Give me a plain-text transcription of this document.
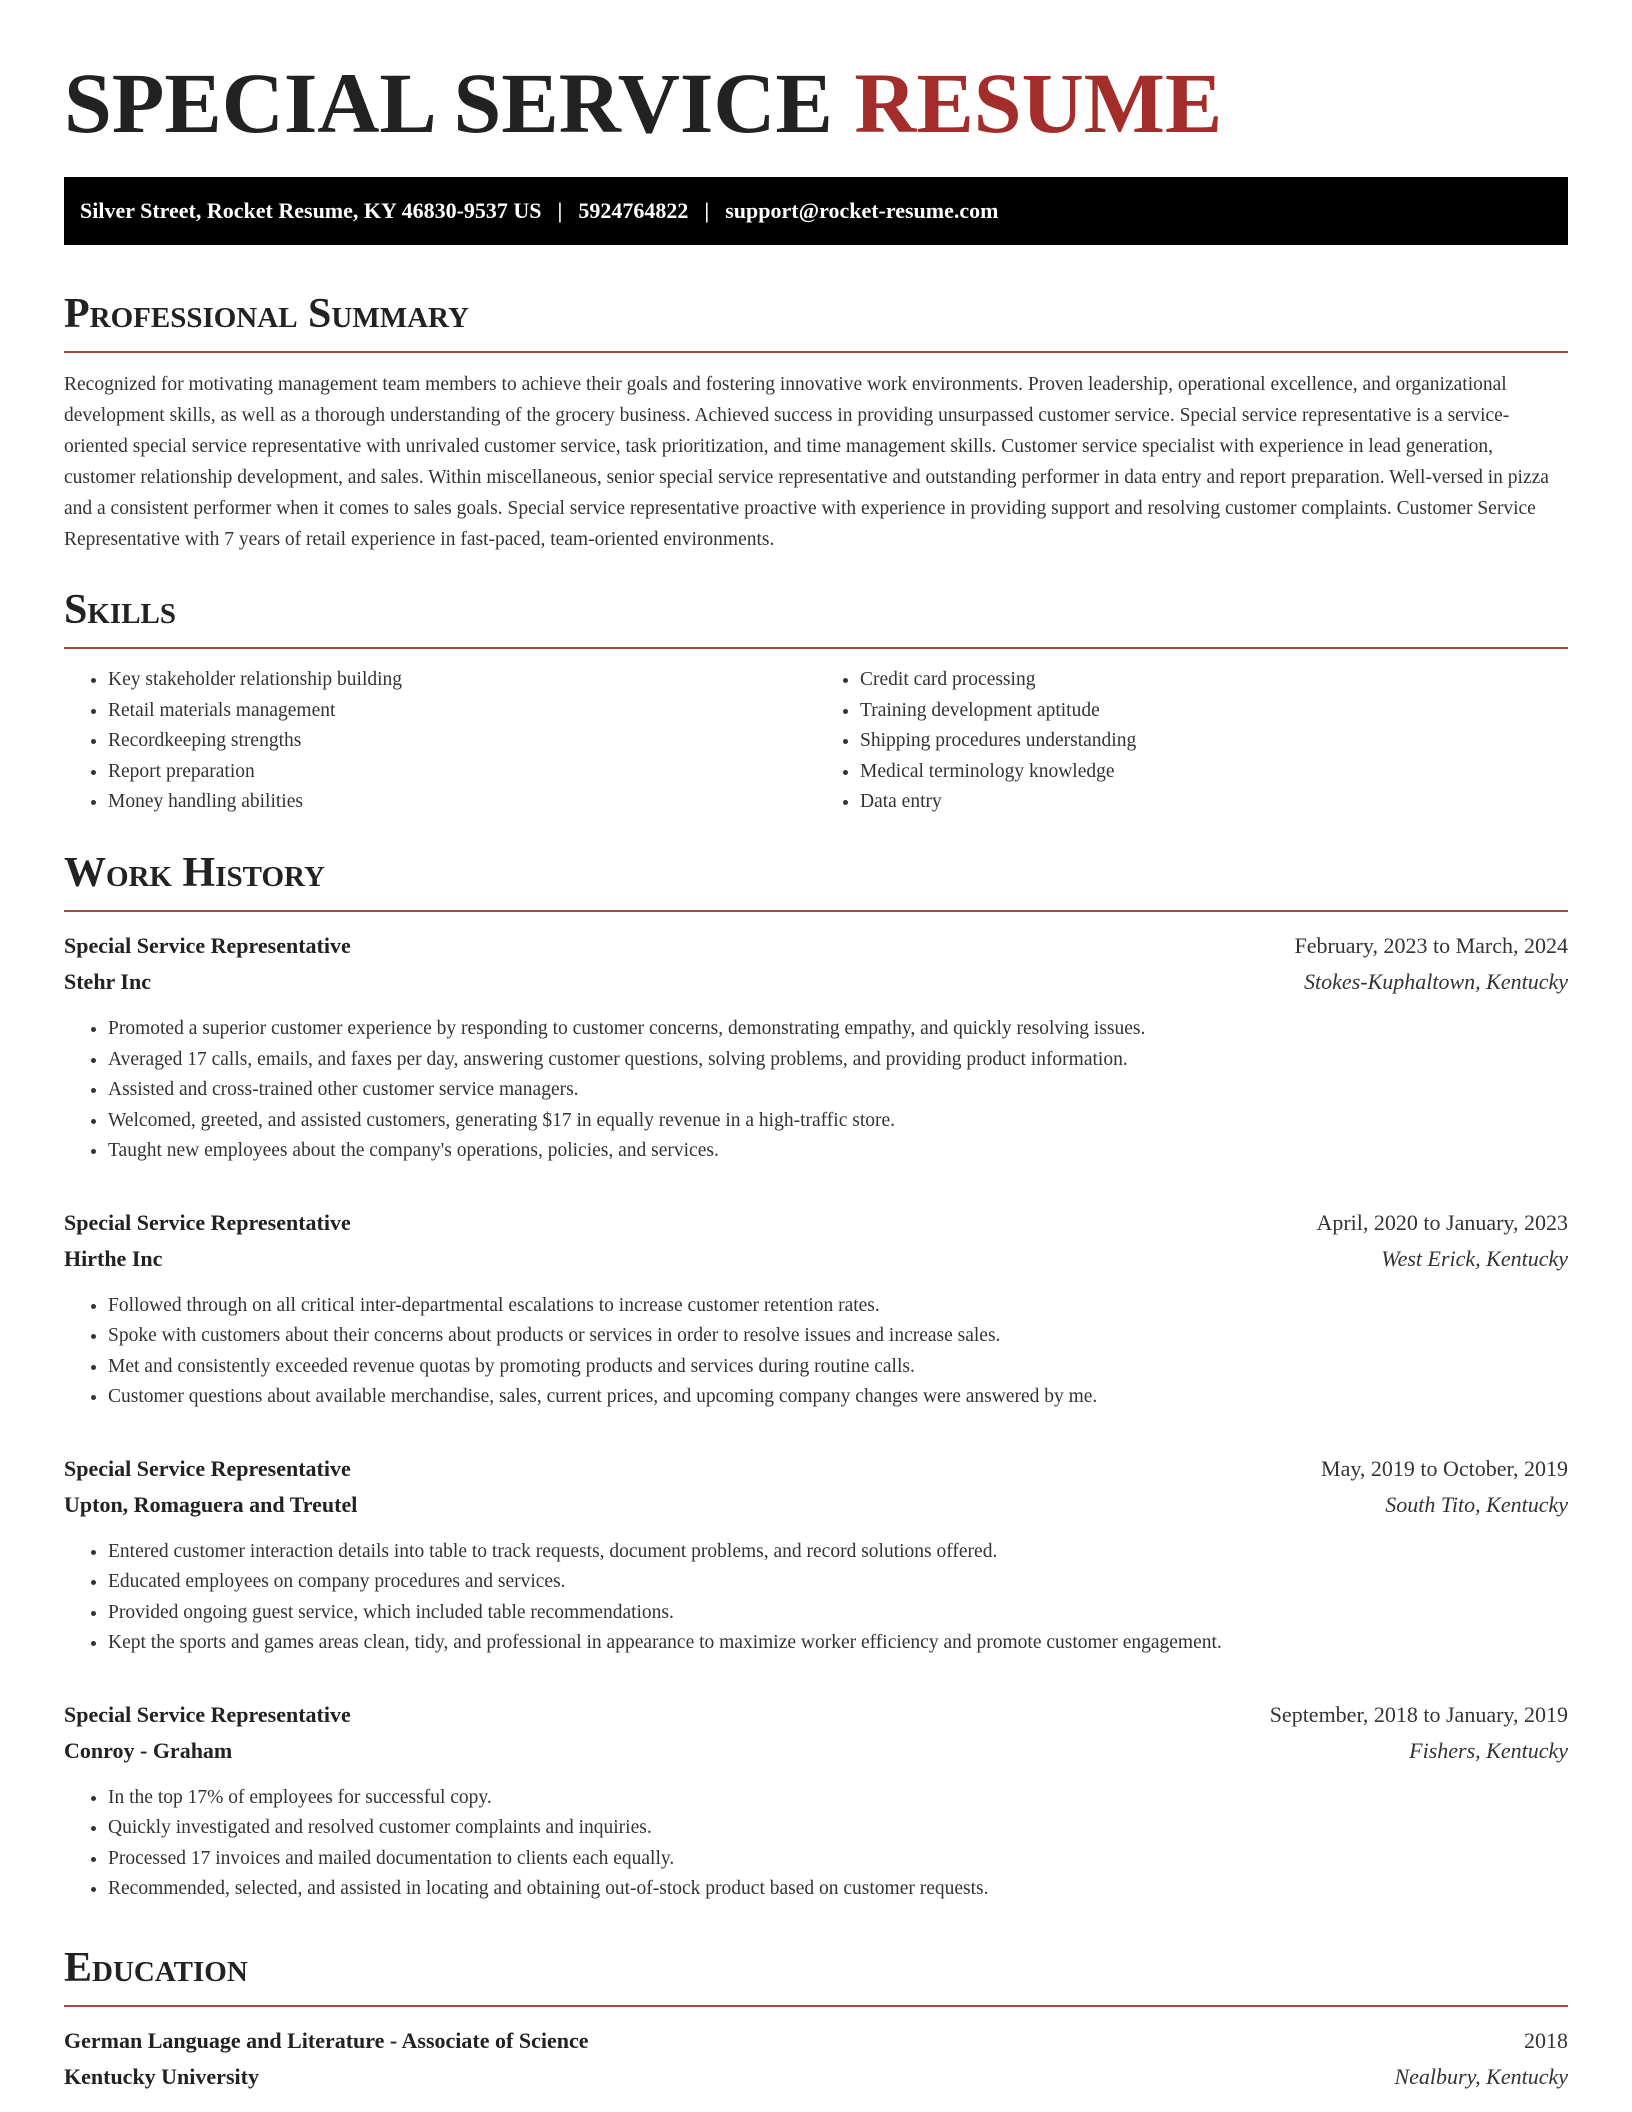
SPECIAL SERVICE RESUME
Silver Street, Rocket Resume, KY 46830-9537 US | 5924764822 | support@rocket-resume.com
Professional Summary

Recognized for motivating management team members to achieve their goals and fostering innovative work environments. Proven leadership, operational excellence, and organizational development skills, as well as a thorough understanding of the grocery business. Achieved success in providing unsurpassed customer service. Special service representative is a service-oriented special service representative with unrivaled customer service, task prioritization, and time management skills. Customer service specialist with experience in lead generation, customer relationship development, and sales. Within miscellaneous, senior special service representative and outstanding performer in data entry and report preparation. Well-versed in pizza and a consistent performer when it comes to sales goals. Special service representative proactive with experience in providing support and resolving customer complaints. Customer Service Representative with 7 years of retail experience in fast-paced, team-oriented environments.

Skills
• Key stakeholder relationship building
• Retail materials management
• Recordkeeping strengths
• Report preparation
• Money handling abilities
• Credit card processing
• Training development aptitude
• Shipping procedures understanding
• Medical terminology knowledge
• Data entry
Work History
Special Service Representative	February, 2023 to March, 2024
Stehr Inc	Stokes-Kuphaltown, Kentucky
• Promoted a superior customer experience by responding to customer concerns, demonstrating empathy, and quickly resolving issues.
• Averaged 17 calls, emails, and faxes per day, answering customer questions, solving problems, and providing product information.
• Assisted and cross-trained other customer service managers.
• Welcomed, greeted, and assisted customers, generating $17 in equally revenue in a high-traffic store.
• Taught new employees about the company's operations, policies, and services.
Special Service Representative	April, 2020 to January, 2023
Hirthe Inc	West Erick, Kentucky
• Followed through on all critical inter-departmental escalations to increase customer retention rates.
• Spoke with customers about their concerns about products or services in order to resolve issues and increase sales.
• Met and consistently exceeded revenue quotas by promoting products and services during routine calls.
• Customer questions about available merchandise, sales, current prices, and upcoming company changes were answered by me.
Special Service Representative	May, 2019 to October, 2019
Upton, Romaguera and Treutel	South Tito, Kentucky
• Entered customer interaction details into table to track requests, document problems, and record solutions offered.
• Educated employees on company procedures and services.
• Provided ongoing guest service, which included table recommendations.
• Kept the sports and games areas clean, tidy, and professional in appearance to maximize worker efficiency and promote customer engagement.
Special Service Representative	September, 2018 to January, 2019
Conroy - Graham	Fishers, Kentucky
• In the top 17% of employees for successful copy.
• Quickly investigated and resolved customer complaints and inquiries.
• Processed 17 invoices and mailed documentation to clients each equally.
• Recommended, selected, and assisted in locating and obtaining out-of-stock product based on customer requests.
Education
German Language and Literature - Associate of Science	2018
Kentucky University	Nealbury, Kentucky
